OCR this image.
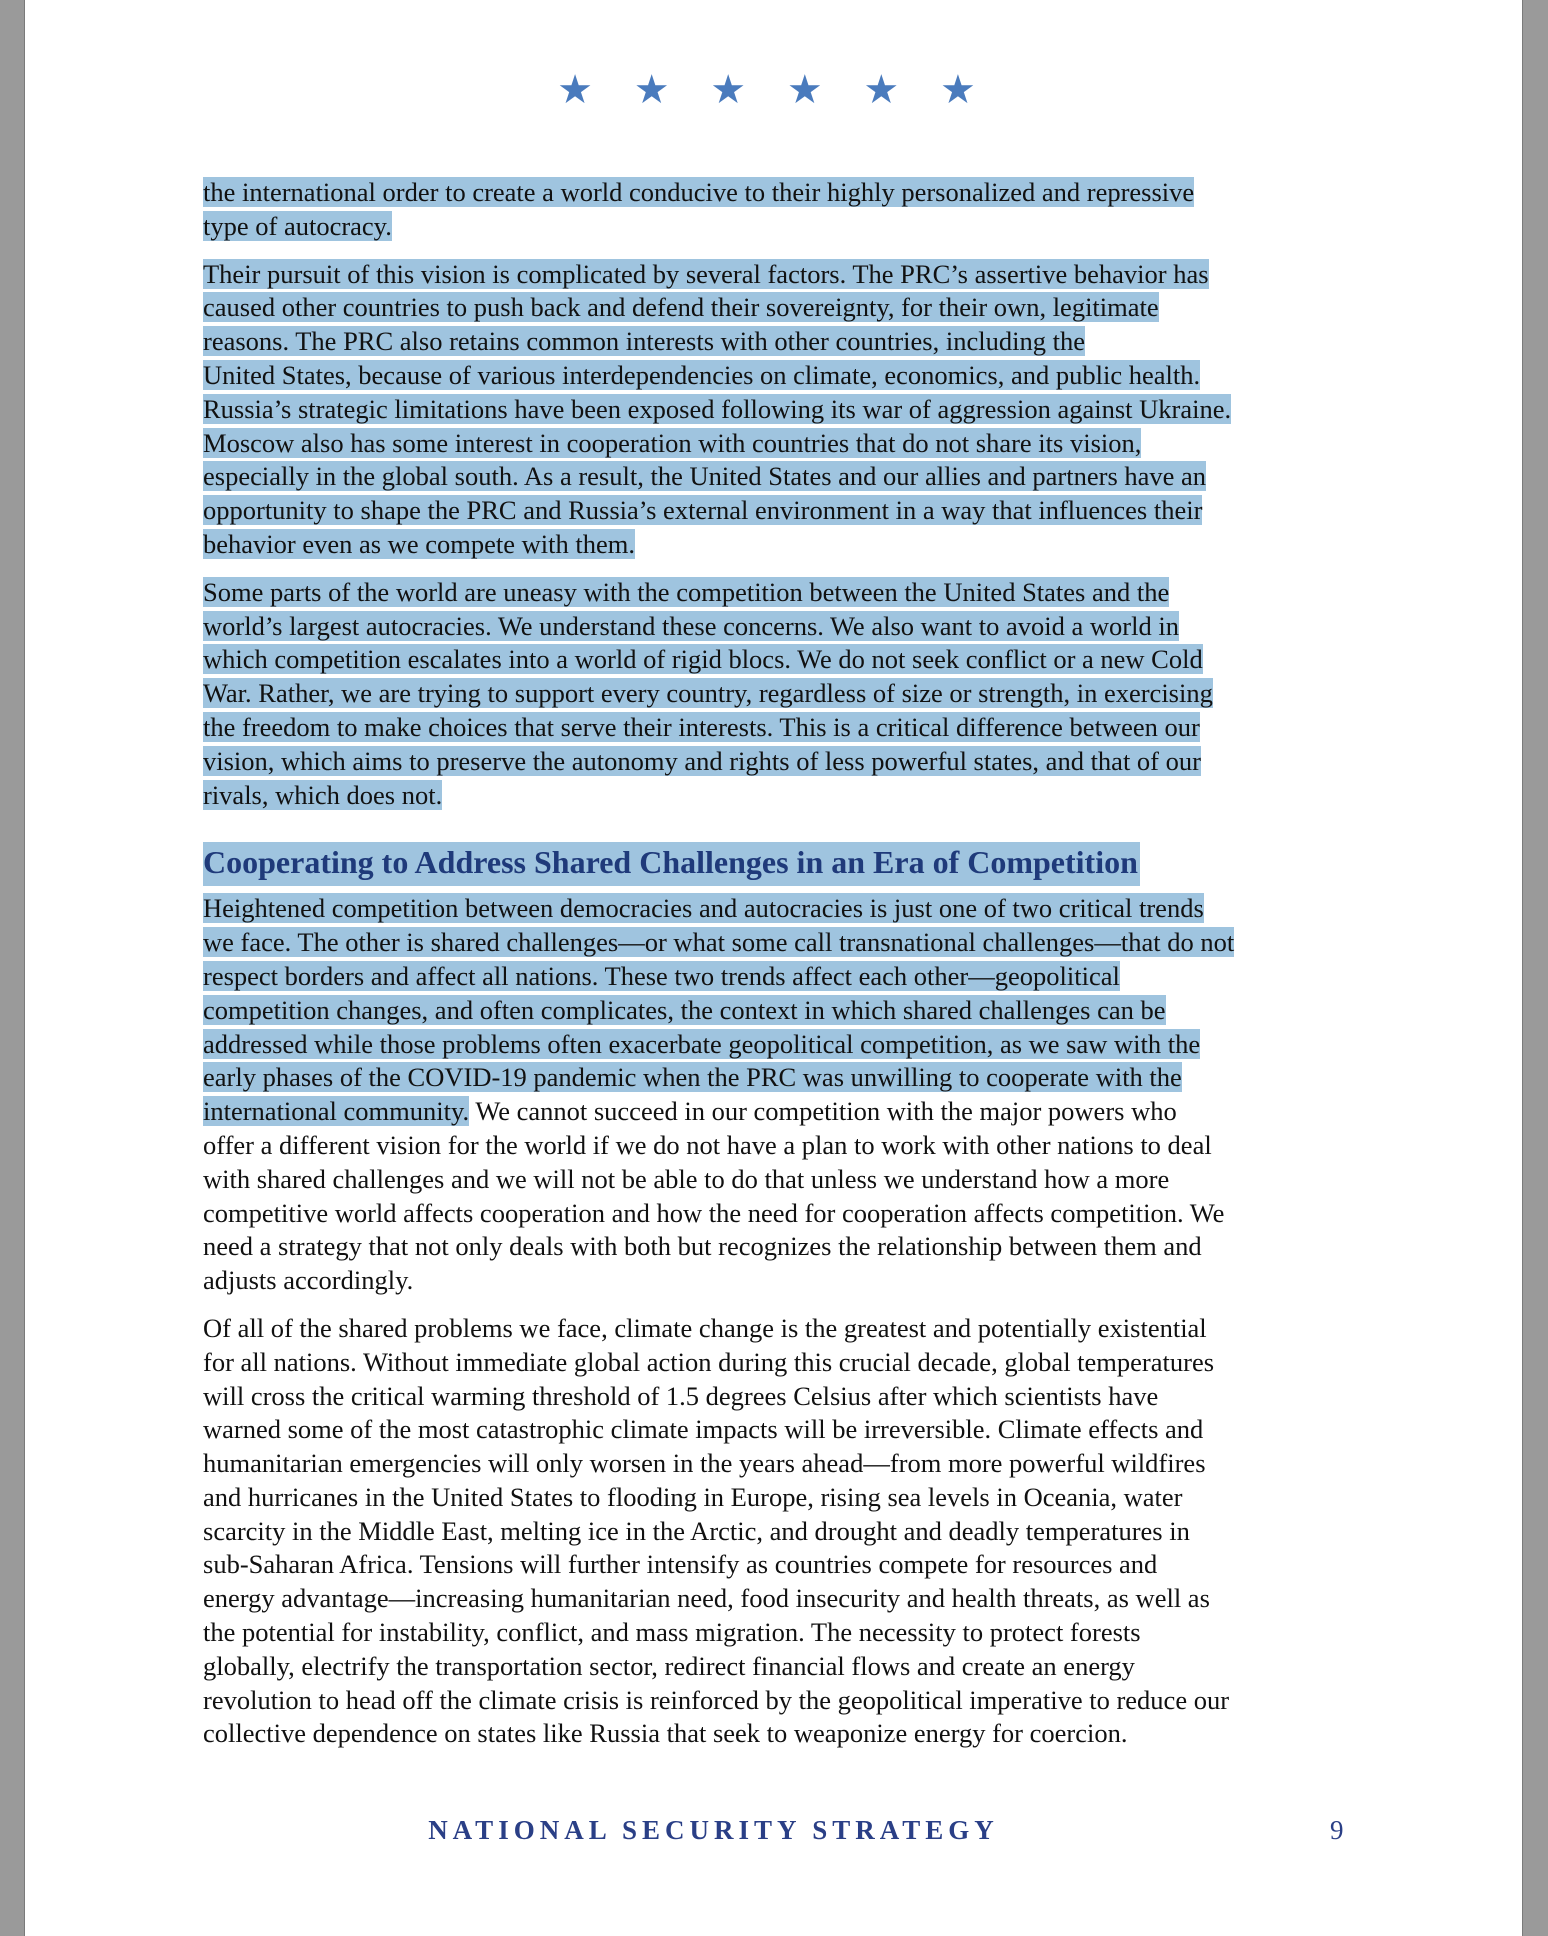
★ ★ ★ ★ ★ ★

the international order to create a world conducive to their highly personalized and repressive
type of autocracy.

Their pursuit of this vision is complicated by several factors. The PRC’s assertive behavior has
caused other countries to push back and defend their sovereignty, for their own, legitimate
reasons. The PRC also retains common interests with other countries, including the
United States, because of various interdependencies on climate, economics, and public health.
Russia’s strategic limitations have been exposed following its war of aggression against Ukraine.
Moscow also has some interest in cooperation with countries that do not share its vision,
especially in the global south. As a result, the United States and our allies and partners have an
opportunity to shape the PRC and Russia’s external environment in a way that influences their
behavior even as we compete with them.

Some parts of the world are uneasy with the competition between the United States and the
world’s largest autocracies. We understand these concerns. We also want to avoid a world in
which competition escalates into a world of rigid blocs. We do not seek conflict or a new Cold
War. Rather, we are trying to support every country, regardless of size or strength, in exercising
the freedom to make choices that serve their interests. This is a critical difference between our
vision, which aims to preserve the autonomy and rights of less powerful states, and that of our
rivals, which does not.

Cooperating to Address Shared Challenges in an Era of Competition

Heightened competition between democracies and autocracies is just one of two critical trends
we face. The other is shared challenges—or what some call transnational challenges—that do not
respect borders and affect all nations. These two trends affect each other—geopolitical
competition changes, and often complicates, the context in which shared challenges can be
addressed while those problems often exacerbate geopolitical competition, as we saw with the
early phases of the COVID-19 pandemic when the PRC was unwilling to cooperate with the
international community. We cannot succeed in our competition with the major powers who
offer a different vision for the world if we do not have a plan to work with other nations to deal
with shared challenges and we will not be able to do that unless we understand how a more
competitive world affects cooperation and how the need for cooperation affects competition. We
need a strategy that not only deals with both but recognizes the relationship between them and
adjusts accordingly.

Of all of the shared problems we face, climate change is the greatest and potentially existential
for all nations. Without immediate global action during this crucial decade, global temperatures
will cross the critical warming threshold of 1.5 degrees Celsius after which scientists have
warned some of the most catastrophic climate impacts will be irreversible. Climate effects and
humanitarian emergencies will only worsen in the years ahead—from more powerful wildfires
and hurricanes in the United States to flooding in Europe, rising sea levels in Oceania, water
scarcity in the Middle East, melting ice in the Arctic, and drought and deadly temperatures in
sub-Saharan Africa. Tensions will further intensify as countries compete for resources and
energy advantage—increasing humanitarian need, food insecurity and health threats, as well as
the potential for instability, conflict, and mass migration. The necessity to protect forests
globally, electrify the transportation sector, redirect financial flows and create an energy
revolution to head off the climate crisis is reinforced by the geopolitical imperative to reduce our
collective dependence on states like Russia that seek to weaponize energy for coercion.

NATIONAL SECURITY STRATEGY	9
